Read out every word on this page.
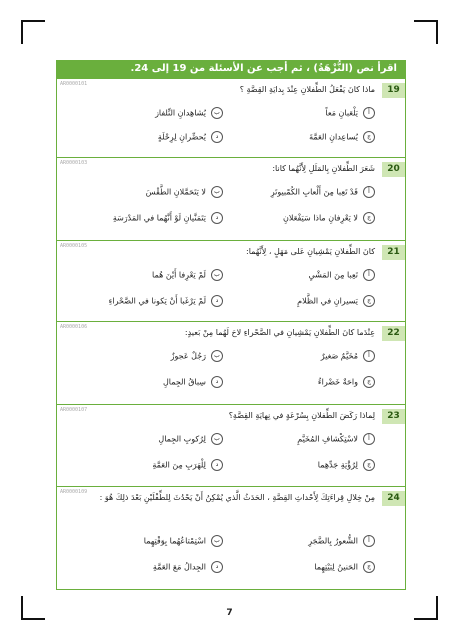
اقرأ نص (النُّزْهَةُ) ، ثم أجب عن الأسئلة من 19 إلى 24.
AR0000101
19
ماذا كانَ يَفْعَلُ الطِّفلانِ عِنْدَ بِدايَةِ القِصَّةِ ؟
أيَلْعَبانِ مَعاً
بيُشاهِدانِ التِّلفاز
جيُساعِدانِ العَمَّةَ
ديُحضِّرانِ لِرِحْلَةٍ
AR0000103
20
شَعَرَ الطِّفلانِ بِالمَلَلِ لِأَنَّهُما كانا:
أقَدْ تَعِبا مِنَ أَلْعابِ الكُمْبيوتَرِ
بلا يَتَحَمَّلانِ الطَّقْسَ
جلا يَعْرِفانِ ماذا سَيَفْعَلانِ
ديَتَمَنَّيانِ لَوْ أَنَّهُما في المَدْرَسَةِ
AR0000105
21
كانَ الطِّفلانِ يَمْشِيانِ عَلى مَهَلٍ ، لِأَنَّهُما:
أتَعِبا مِنَ المَشْيِ
بلَمْ يَعْرِفا أَيْنَ هُما
جيَسيرانِ في الظَّلامِ
دلَمْ يَرْغَبا أَنْ يَكونا في الصَّحْراءِ
AR0000106
22
عِنْدَما كانَ الطِّفلانِ يَمْشِيانِ في الصَّحْراءِ لاحَ لَهُما مِنْ بَعيدٍ:
أمُخَيَّمٌ صَغيرٌ
برَجُلٌ عَجوزٌ
جواحَةٌ خَضْراءُ
دسِباقُ الجِمالِ
AR0000107
23
لِماذا رَكَضَ الطِّفلانِ بِسُرْعَةٍ في نِهايَةِ القِصَّةِ؟
ألاسْتِكْشافِ المُخَيَّمِ
بلِرُكوبِ الجِمالِ
جلِرُؤْيَةِ جَدِّهِما
دلِلْهَرَبِ مِنَ العَمَّةِ
AR0000109
24
مِنْ خِلالِ قِراءَتِكَ لِأَحْداثِ القِصَّةِ ، الحَدَثُ الَّذي يُمْكِنُ أَنْ يَحْدُثَ لِلطِّفْلَيْنِ بَعْدَ ذلِكَ هُوَ :
أالشُّعورُ بِالضَّجَرِ
باسْتِمْتاعُهُما بِوَقْتِهِما
جالحَنينُ لِبَيْتِهِما
دالجِدالُ مَعَ العَمَّةِ
7
